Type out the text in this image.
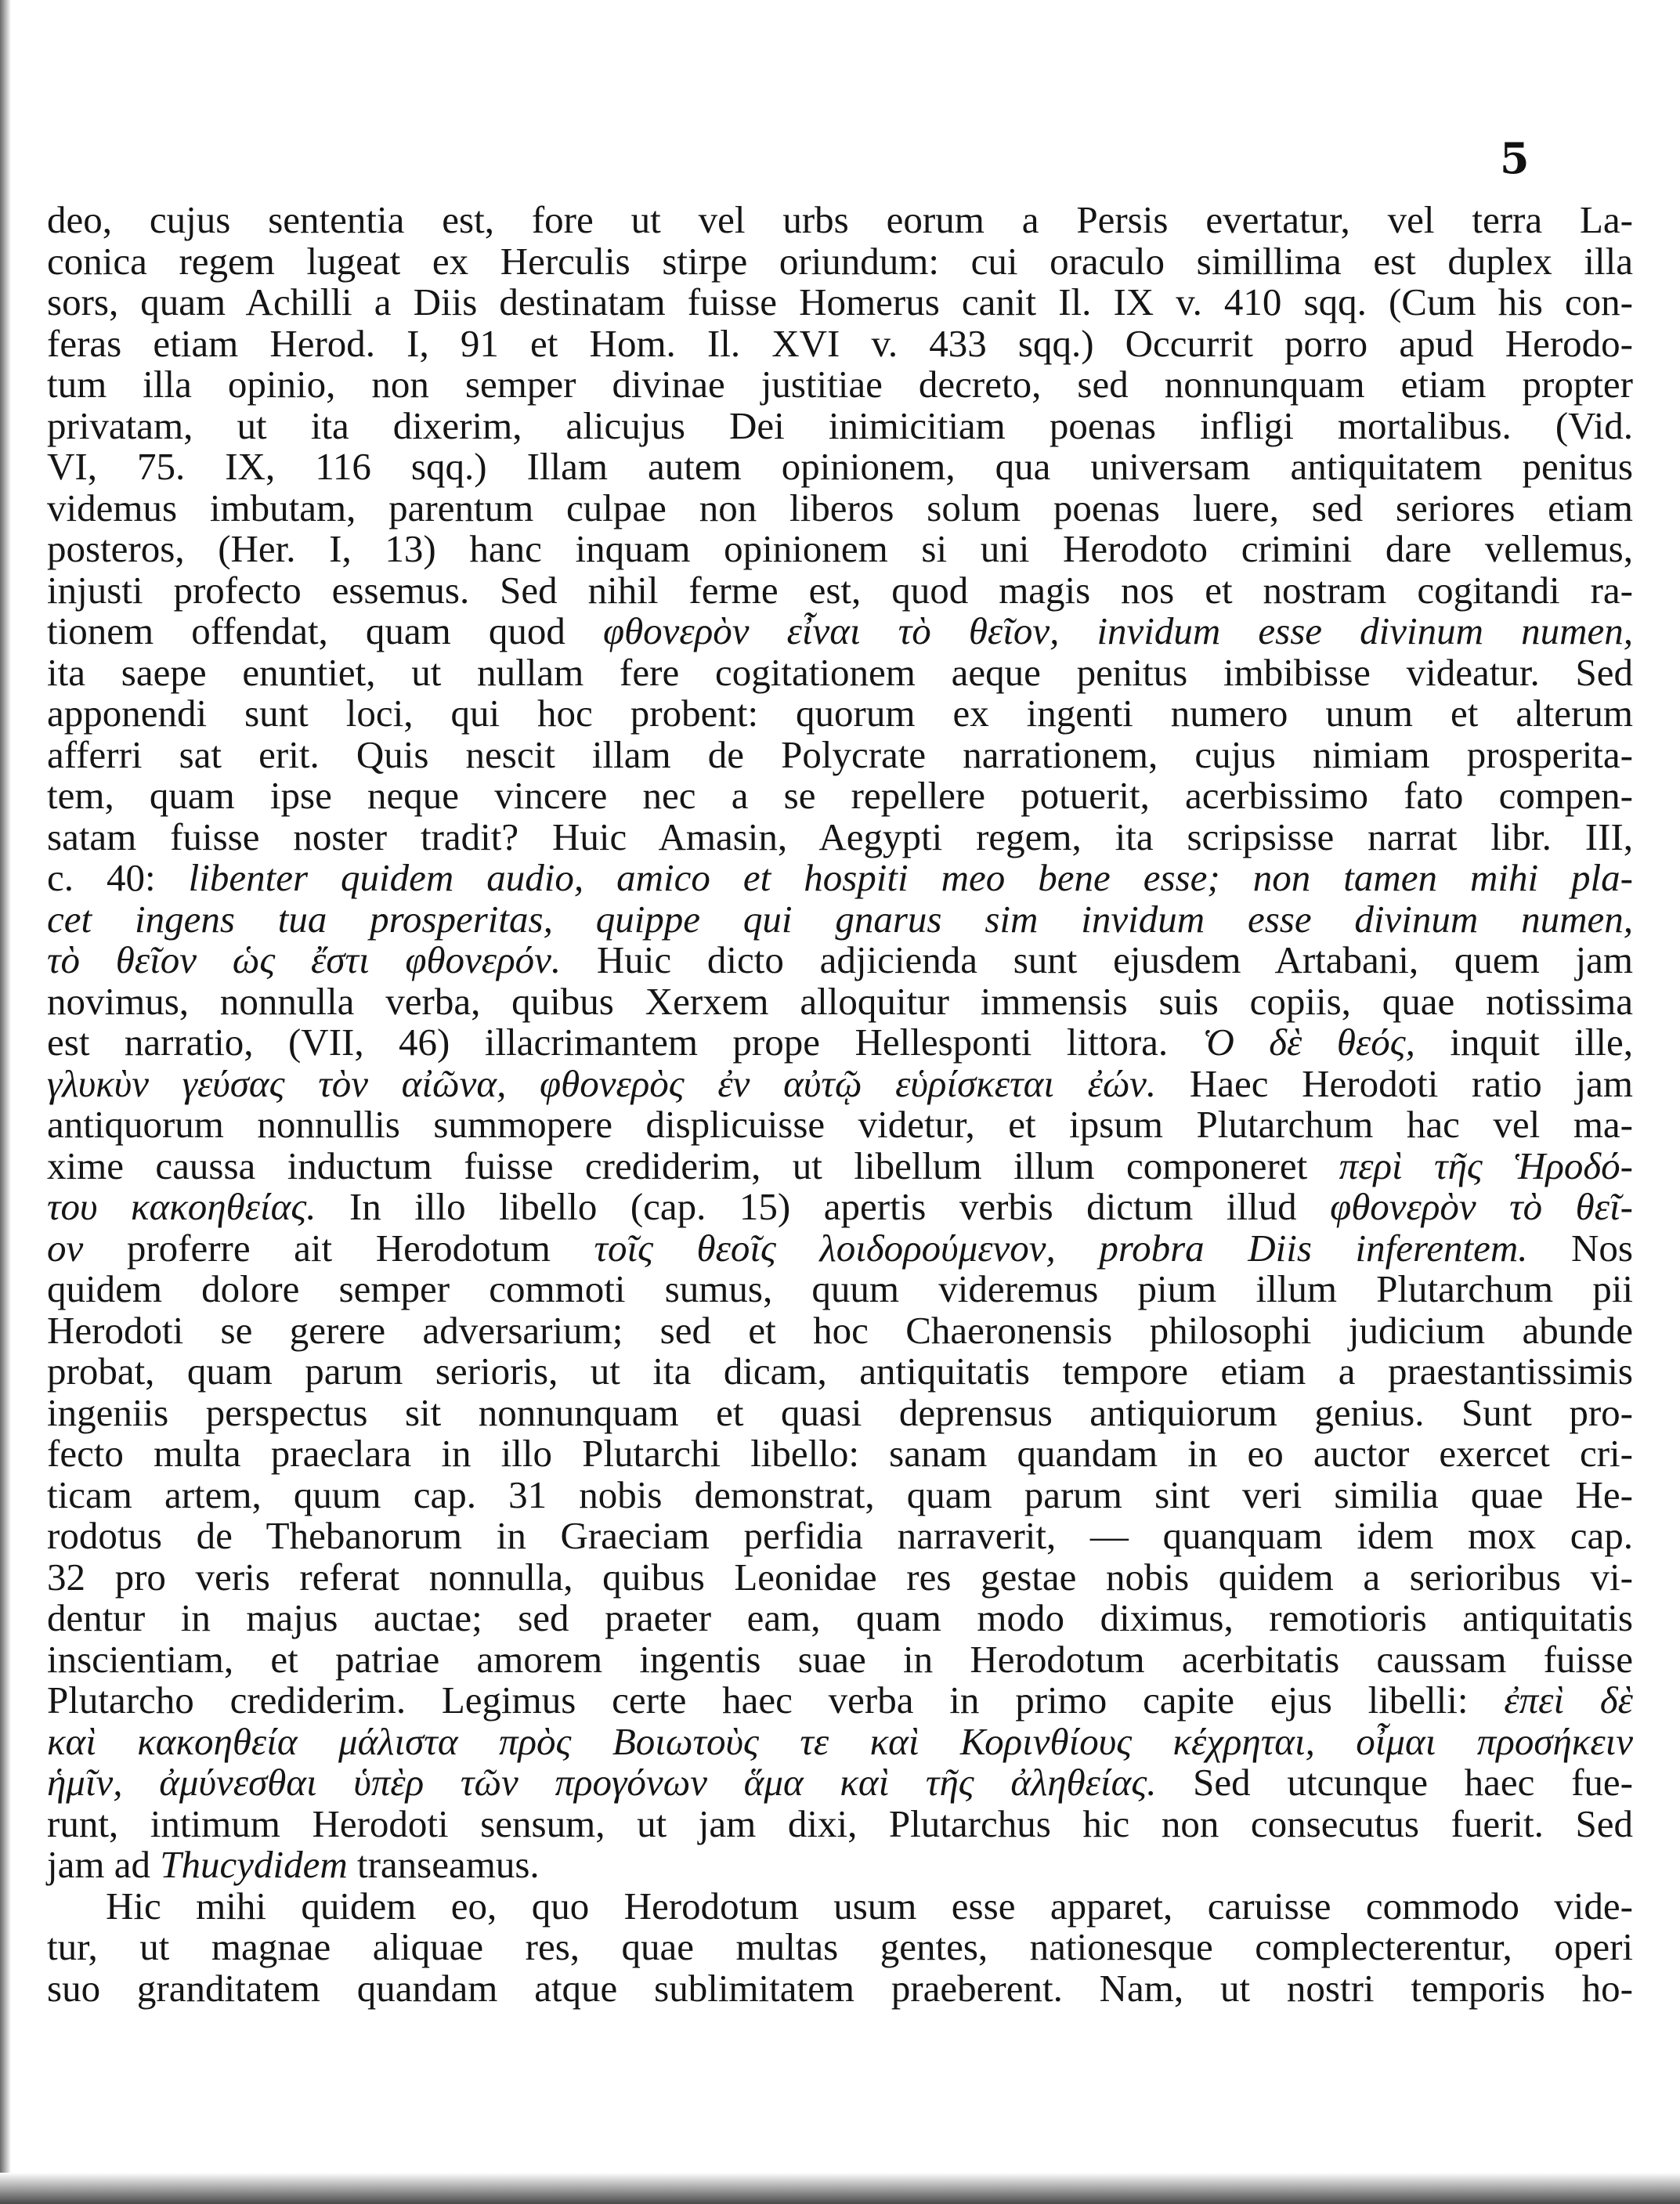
5
deo, cujus sententia est, fore ut vel urbs eorum a Persis evertatur, vel terra La-
conica regem lugeat ex Herculis stirpe oriundum: cui oraculo simillima est duplex illa
sors, quam Achilli a Diis destinatam fuisse Homerus canit Il. IX v. 410 sqq. (Cum his con-
feras etiam Herod. I, 91 et Hom. Il. XVI v. 433 sqq.) Occurrit porro apud Herodo-
tum illa opinio, non semper divinae justitiae decreto, sed nonnunquam etiam propter
privatam, ut ita dixerim, alicujus Dei inimicitiam poenas infligi mortalibus. (Vid.
VI, 75. IX, 116 sqq.) Illam autem opinionem, qua universam antiquitatem penitus
videmus imbutam, parentum culpae non liberos solum poenas luere, sed seriores etiam
posteros, (Her. I, 13) hanc inquam opinionem si uni Herodoto crimini dare vellemus,
injusti profecto essemus. Sed nihil ferme est, quod magis nos et nostram cogitandi ra-
tionem offendat, quam quod φθονερὸν εἶναι τὸ θεῖον, invidum esse divinum numen,
ita saepe enuntiet, ut nullam fere cogitationem aeque penitus imbibisse videatur. Sed
apponendi sunt loci, qui hoc probent: quorum ex ingenti numero unum et alterum
afferri sat erit. Quis nescit illam de Polycrate narrationem, cujus nimiam prosperita-
tem, quam ipse neque vincere nec a se repellere potuerit, acerbissimo fato compen-
satam fuisse noster tradit? Huic Amasin, Aegypti regem, ita scripsisse narrat libr. III,
c. 40: libenter quidem audio, amico et hospiti meo bene esse; non tamen mihi pla-
cet ingens tua prosperitas, quippe qui gnarus sim invidum esse divinum numen,
τὸ θεῖον ὡς ἔστι φθονερόν. Huic dicto adjicienda sunt ejusdem Artabani, quem jam
novimus, nonnulla verba, quibus Xerxem alloquitur immensis suis copiis, quae notissima
est narratio, (VII, 46) illacrimantem prope Hellesponti littora. Ὁ δὲ θεός, inquit ille,
γλυκὺν γεύσας τὸν αἰῶνα, φθονερὸς ἐν αὐτῷ εὑρίσκεται ἐών. Haec Herodoti ratio jam
antiquorum nonnullis summopere displicuisse videtur, et ipsum Plutarchum hac vel ma-
xime caussa inductum fuisse crediderim, ut libellum illum componeret περὶ τῆς Ἡροδό-
του κακοηθείας. In illo libello (cap. 15) apertis verbis dictum illud φθονερὸν τὸ θεῖ-
ον proferre ait Herodotum τοῖς θεοῖς λοιδορούμενον, probra Diis inferentem. Nos
quidem dolore semper commoti sumus, quum videremus pium illum Plutarchum pii
Herodoti se gerere adversarium; sed et hoc Chaeronensis philosophi judicium abunde
probat, quam parum serioris, ut ita dicam, antiquitatis tempore etiam a praestantissimis
ingeniis perspectus sit nonnunquam et quasi deprensus antiquiorum genius. Sunt pro-
fecto multa praeclara in illo Plutarchi libello: sanam quandam in eo auctor exercet cri-
ticam artem, quum cap. 31 nobis demonstrat, quam parum sint veri similia quae He-
rodotus de Thebanorum in Graeciam perfidia narraverit, — quanquam idem mox cap.
32 pro veris referat nonnulla, quibus Leonidae res gestae nobis quidem a serioribus vi-
dentur in majus auctae; sed praeter eam, quam modo diximus, remotioris antiquitatis
inscientiam, et patriae amorem ingentis suae in Herodotum acerbitatis caussam fuisse
Plutarcho crediderim. Legimus certe haec verba in primo capite ejus libelli: ἐπεὶ δὲ
καὶ κακοηθεία μάλιστα πρὸς Βοιωτοὺς τε καὶ Κορινθίους κέχρηται, οἶμαι προσήκειν
ἡμῖν, ἀμύνεσθαι ὑπὲρ τῶν προγόνων ἅμα καὶ τῆς ἀληθείας. Sed utcunque haec fue-
runt, intimum Herodoti sensum, ut jam dixi, Plutarchus hic non consecutus fuerit. Sed
jam ad Thucydidem transeamus.
Hic mihi quidem eo, quo Herodotum usum esse apparet, caruisse commodo vide-
tur, ut magnae aliquae res, quae multas gentes, nationesque complecterentur, operi
suo granditatem quandam atque sublimitatem praeberent. Nam, ut nostri temporis ho-
